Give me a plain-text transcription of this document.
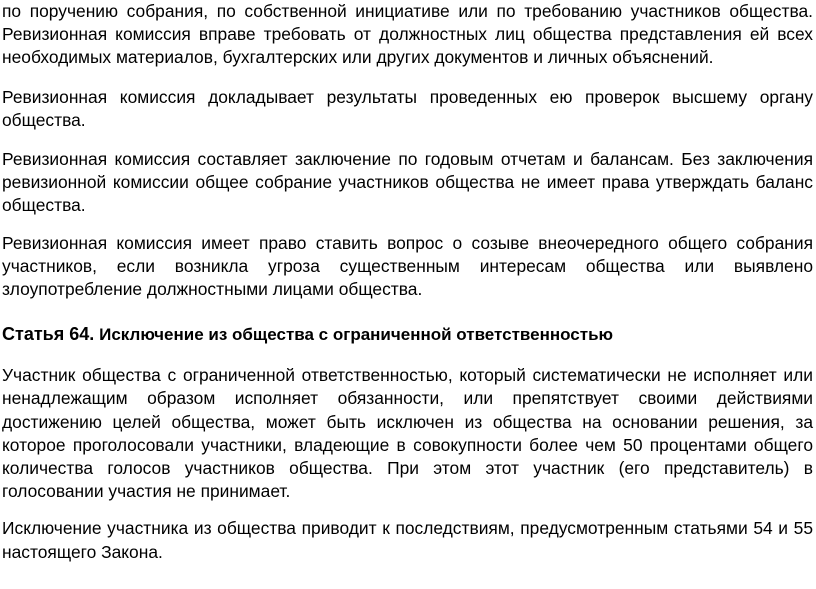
по поручению собрания, по собственной инициативе или по требованию участников общества. Ревизионная комиссия вправе требовать от должностных лиц общества представления ей всех необходимых материалов, бухгалтерских или других документов и личных объяснений.

Ревизионная комиссия докладывает результаты проведенных ею проверок высшему органу общества.

Ревизионная комиссия составляет заключение по годовым отчетам и балансам. Без заключения ревизионной комиссии общее собрание участников общества не имеет права утверждать баланс общества.

Ревизионная комиссия имеет право ставить вопрос о созыве внеочередного общего собрания участников, если возникла угроза существенным интересам общества или выявлено злоупотребление должностными лицами общества.

Статья 64. Исключение из общества с ограниченной ответственностью

Участник общества с ограниченной ответственностью, который систематически не исполняет или ненадлежащим образом исполняет обязанности, или препятствует своими действиями достижению целей общества, может быть исключен из общества на основании решения, за которое проголосовали участники, владеющие в совокупности более чем 50 процентами общего количества голосов участников общества. При этом этот участник (его представитель) в голосовании участия не принимает.

Исключение участника из общества приводит к последствиям, предусмотренным статьями 54 и 55 настоящего Закона.
